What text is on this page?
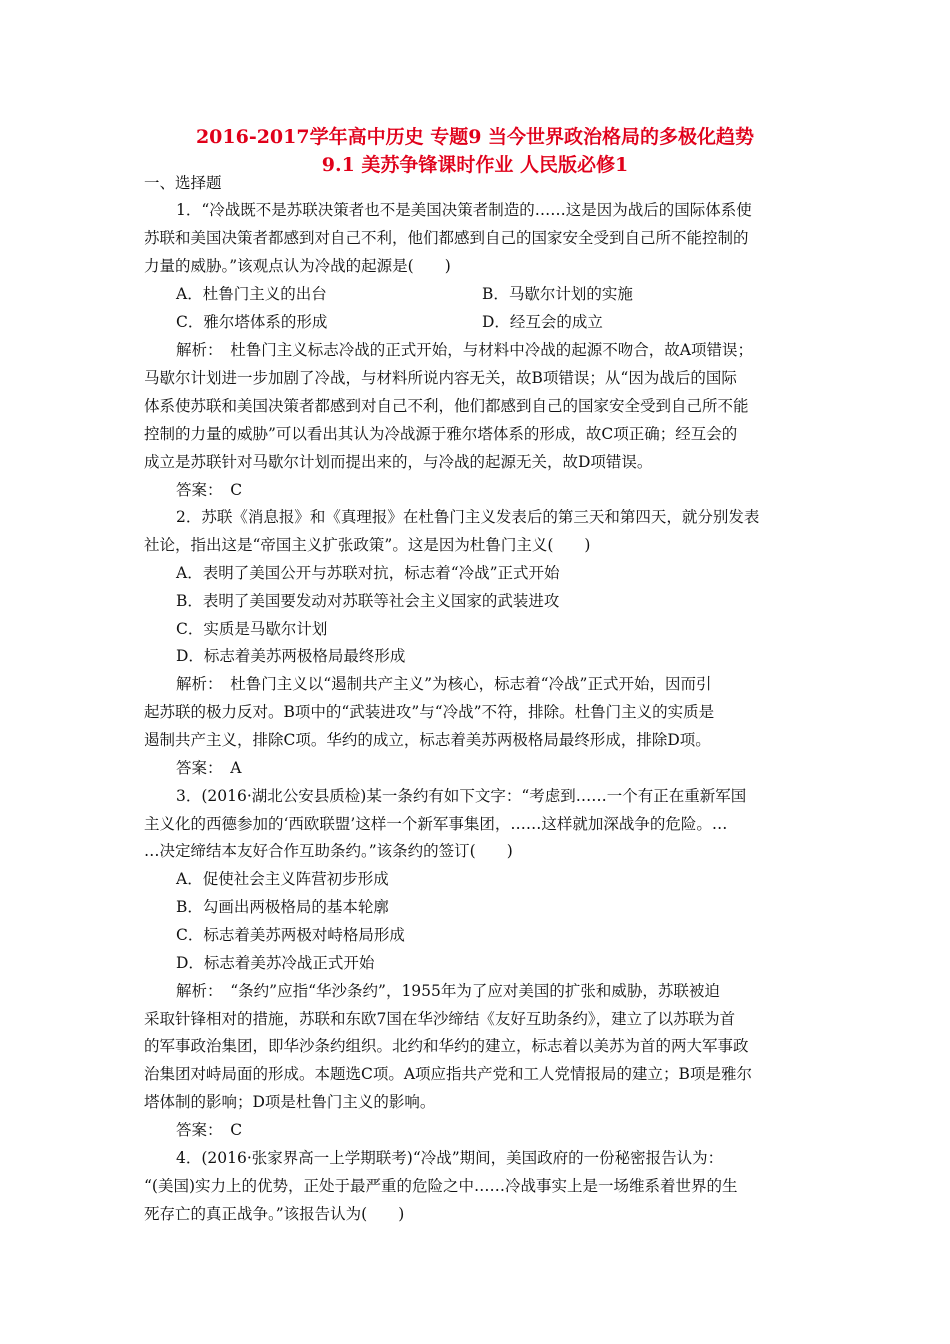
2016-2017学年高中历史 专题9 当今世界政治格局的多极化趋势
9.1 美苏争锋课时作业 人民版必修1
一、选择题
1．“冷战既不是苏联决策者也不是美国决策者制造的……这是因为战后的国际体系使
苏联和美国决策者都感到对自己不利，他们都感到自己的国家安全受到自己所不能控制的
力量的威胁。”该观点认为冷战的起源是(　　)
A．杜鲁门主义的出台	B．马歇尔计划的实施
C．雅尔塔体系的形成	D．经互会的成立
解析：　杜鲁门主义标志冷战的正式开始，与材料中冷战的起源不吻合，故A项错误；
马歇尔计划进一步加剧了冷战，与材料所说内容无关，故B项错误；从“因为战后的国际
体系使苏联和美国决策者都感到对自己不利，他们都感到自己的国家安全受到自己所不能
控制的力量的威胁”可以看出其认为冷战源于雅尔塔体系的形成，故C项正确；经互会的
成立是苏联针对马歇尔计划而提出来的，与冷战的起源无关，故D项错误。
答案：　C
2．苏联《消息报》和《真理报》在杜鲁门主义发表后的第三天和第四天，就分别发表
社论，指出这是“帝国主义扩张政策”。这是因为杜鲁门主义(　　)
A．表明了美国公开与苏联对抗，标志着“冷战”正式开始
B．表明了美国要发动对苏联等社会主义国家的武装进攻
C．实质是马歇尔计划
D．标志着美苏两极格局最终形成
解析：　杜鲁门主义以“遏制共产主义”为核心，标志着“冷战”正式开始，因而引
起苏联的极力反对。B项中的“武装进攻”与“冷战”不符，排除。杜鲁门主义的实质是
遏制共产主义，排除C项。华约的成立，标志着美苏两极格局最终形成，排除D项。
答案：　A
3．(2016·湖北公安县质检)某一条约有如下文字：“考虑到……一个有正在重新军国
主义化的西德参加的‘西欧联盟’这样一个新军事集团，……这样就加深战争的危险。…
…决定缔结本友好合作互助条约。”该条约的签订(　　)
A．促使社会主义阵营初步形成
B．勾画出两极格局的基本轮廓
C．标志着美苏两极对峙格局形成
D．标志着美苏冷战正式开始
解析：　“条约”应指“华沙条约”，1955年为了应对美国的扩张和威胁，苏联被迫
采取针锋相对的措施，苏联和东欧7国在华沙缔结《友好互助条约》，建立了以苏联为首
的军事政治集团，即华沙条约组织。北约和华约的建立，标志着以美苏为首的两大军事政
治集团对峙局面的形成。本题选C项。A项应指共产党和工人党情报局的建立；B项是雅尔
塔体制的影响；D项是杜鲁门主义的影响。
答案：　C
4．(2016·张家界高一上学期联考)“冷战”期间，美国政府的一份秘密报告认为：
“(美国)实力上的优势，正处于最严重的危险之中……冷战事实上是一场维系着世界的生
死存亡的真正战争。”该报告认为(　　)
